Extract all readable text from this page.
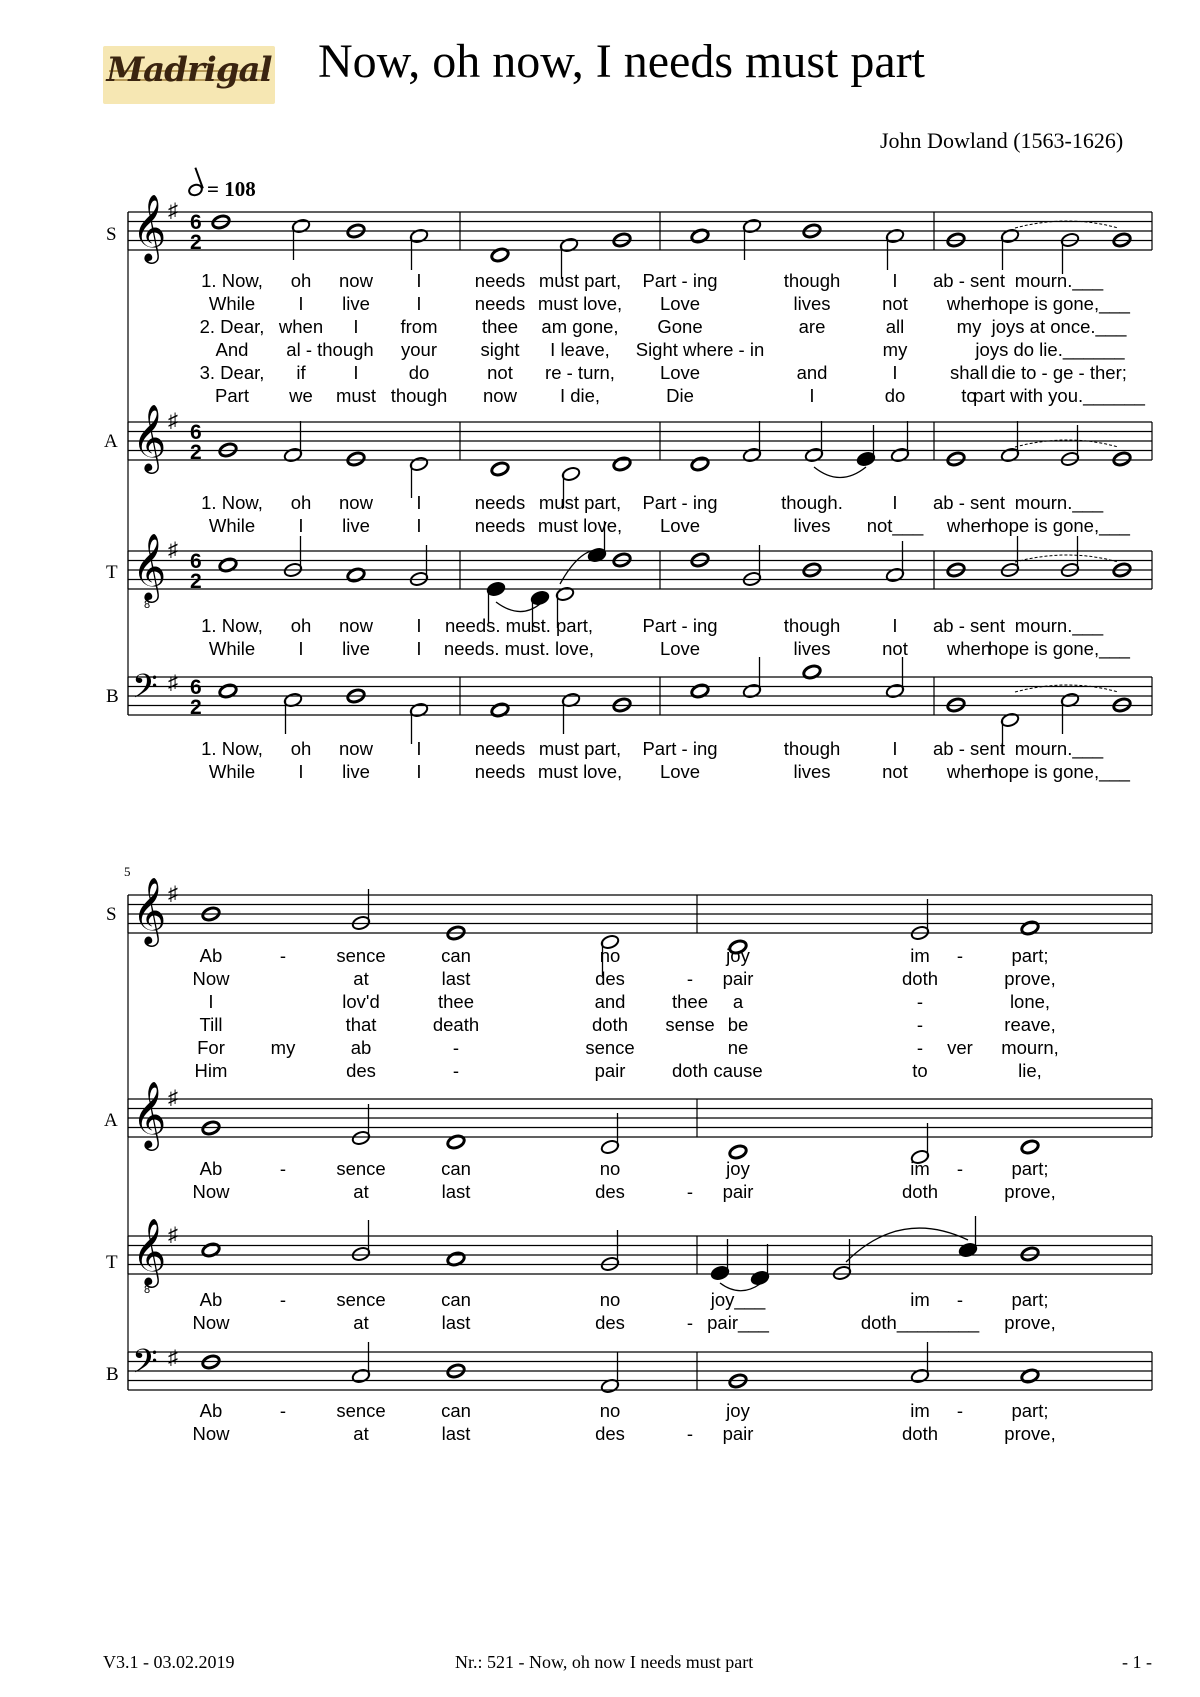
Madrigal Now, oh now, I needs must part
John Dowland (1563-1626)
= 108
5
S
A
T
B
S
A
T
B
𝄞 ♯ 6
2
𝄞 ♯ 6
2
𝄞 ♯ 6
2
8
𝄢 ♯ 6
2
𝄞 ♯
𝄞 ♯
𝄞 ♯
8
𝄢 ♯
1. Now, oh now I	needs must part, Part - ing	though	I ab - sent mourn.___
While I live	I	needs must love, Love	lives	not when
hope is gone,___
2. Dear, when I from thee am gone, Gone	are	all	my joys at once.___
And al - though your sight I leave, Sight where - in	my	joys do lie.______
3. Dear, if	I	do	not re - turn, Love	and	I	shall die to - ge - ther;
Part we must though now I die,	Die	I	do	to
part with you.______
1. Now, oh now I	needs must part, Part - ing	though.	I ab - sent mourn.___
While I live	I	needs must love, Love	lives not___ when
hope is gone,___
1. Now, oh now I needs. must. part,	Part - ing	though	I ab - sent mourn.___
While I live	I needs. must. love,	Love	lives	not when
hope is gone,___
1. Now, oh now I	needs must part, Part - ing	though	I ab - sent mourn.___
While I live	I	needs must love, Love	lives	not when
hope is gone,___
Ab	-	sence	can	no	joy	im -	part;
Now	at	last	des	- pair	doth	prove,
I	lov'd	thee	and	thee a	-	lone,
Till	that	death	doth sense be	-	reave,
For my	ab	-	sence	ne	- ver mourn,
Him	des	-	pair	doth cause	to	lie,
Ab	-	sence	can	no	joy	im -	part;
Now	at	last	des	- pair	doth	prove,
Ab	-	sence	can	no	joy___	im -	part;
Now	at	last	des	- pair___	doth________ prove,
Ab	-	sence	can	no	joy	im -	part;
Now	at	last	des	- pair	doth	prove,
V3.1 - 03.02.2019	Nr.: 521 - Now, oh now I needs must part	- 1 -
